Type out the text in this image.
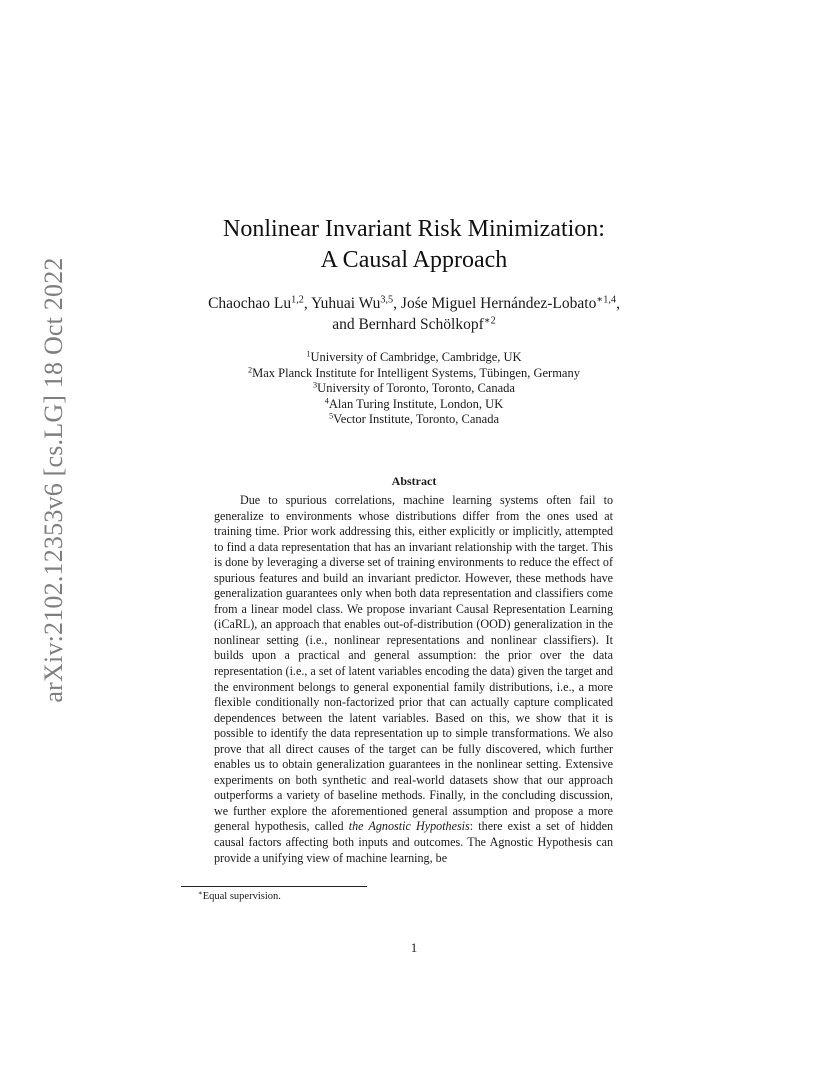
arXiv:2102.12353v6 [cs.LG] 18 Oct 2022
Nonlinear Invariant Risk Minimization:
A Causal Approach
Chaochao Lu$^{1,2}$, Yuhuai Wu$^{3,5}$, Jośe Miguel Hernández-Lobato$^{∗1,4}$,
and Bernhard Schölkopf$^{∗2}$
$^1$University of Cambridge, Cambridge, UK
$^2$Max Planck Institute for Intelligent Systems, Tübingen, Germany
$^3$University of Toronto, Toronto, Canada
$^4$Alan Turing Institute, London, UK
$^5$Vector Institute, Toronto, Canada
Abstract

Due to spurious correlations, machine learning systems often fail to generalize to environments whose distributions differ from the ones used at training time. Prior work addressing this, either explicitly or implicitly, attempted to find a data representation that has an invariant relationship with the target. This is done by leveraging a diverse set of training environments to reduce the effect of spurious features and build an invariant predictor. However, these methods have generalization guarantees only when both data representation and classifiers come from a linear model class. We propose invariant Causal Representation Learning (iCaRL), an approach that enables out-of-distribution (OOD) generalization in the nonlinear setting (i.e., nonlinear representations and nonlinear classifiers). It builds upon a practical and general assumption: the prior over the data representation (i.e., a set of latent variables encoding the data) given the target and the environment belongs to general exponential family distributions, i.e., a more flexible conditionally non-factorized prior that can actually capture complicated dependences between the latent variables. Based on this, we show that it is possible to identify the data representation up to simple transformations. We also prove that all direct causes of the target can be fully discovered, which further enables us to obtain generalization guarantees in the nonlinear setting. Extensive experiments on both synthetic and real-world datasets show that our approach outperforms a variety of baseline methods. Finally, in the concluding discussion, we further explore the aforementioned general assumption and propose a more general hypothesis, called the Agnostic Hypothesis: there exist a set of hidden causal factors affecting both inputs and outcomes. The Agnostic Hypothesis can provide a unifying view of machine learning, be

∗Equal supervision.
1
